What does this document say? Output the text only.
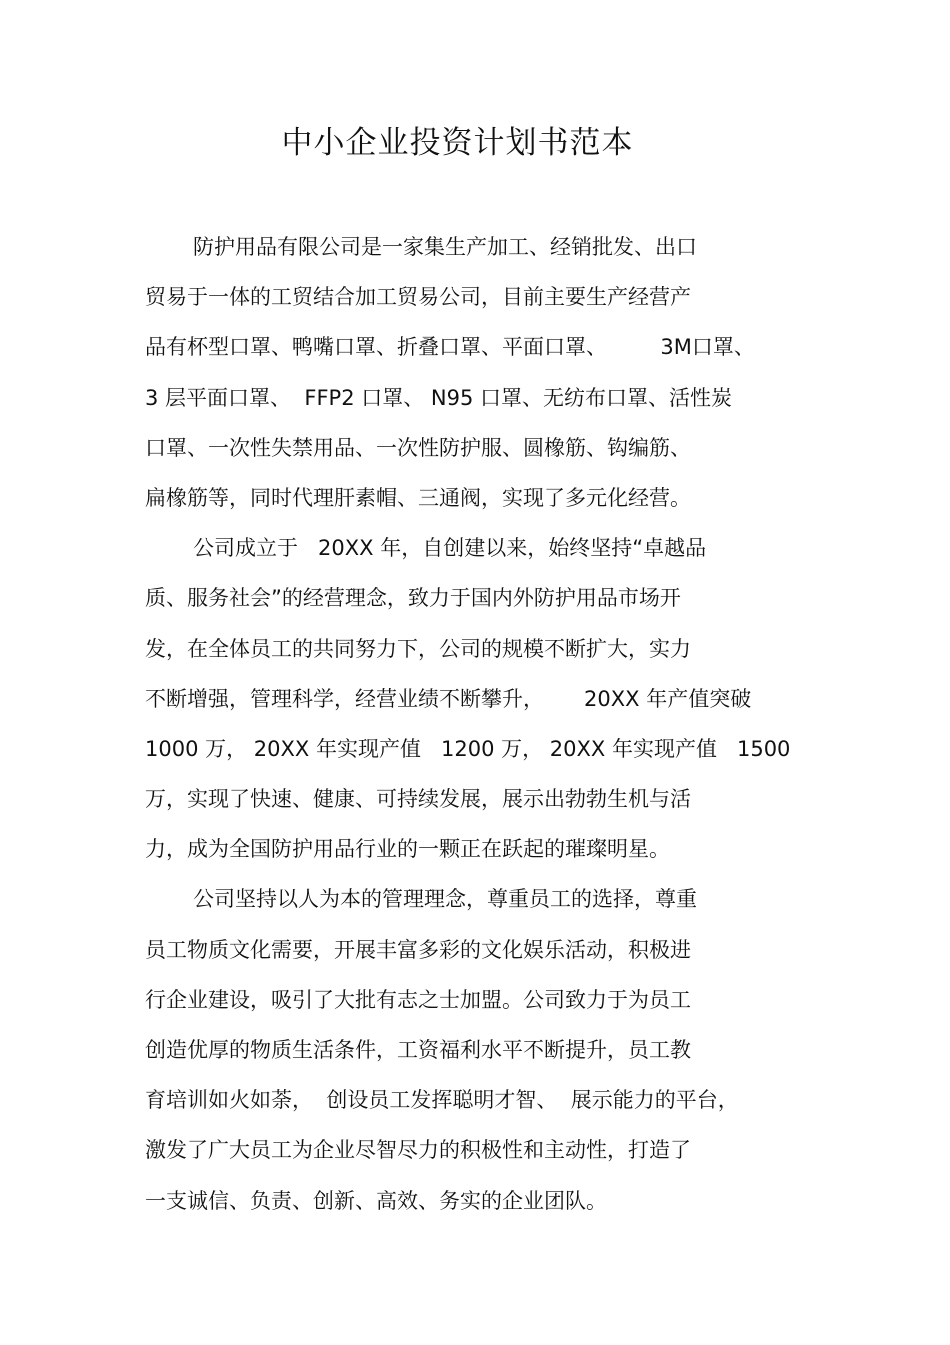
中小企业投资计划书范本

防护用品有限公司是一家集生产加工、经销批发、出口

贸易于一体的工贸结合加工贸易公司，目前主要生产经营产

品有杯型口罩、鸭嘴口罩、折叠口罩、平面口罩、        3M口罩、

3 层平面口罩、  FFP2 口罩、 N95 口罩、无纺布口罩、活性炭

口罩、一次性失禁用品、一次性防护服、圆橡筋、钩编筋、

扁橡筋等，同时代理肝素帽、三通阀，实现了多元化经营。

公司成立于   20XX 年，自创建以来，始终坚持“卓越品

质、服务社会”的经营理念，致力于国内外防护用品市场开

发，在全体员工的共同努力下，公司的规模不断扩大，实力

不断增强，管理科学，经营业绩不断攀升，      20XX 年产值突破

1000 万， 20XX 年实现产值   1200 万， 20XX 年实现产值   1500

万，实现了快速、健康、可持续发展，展示出勃勃生机与活

力，成为全国防护用品行业的一颗正在跃起的璀璨明星。

公司坚持以人为本的管理理念，尊重员工的选择，尊重

员工物质文化需要，开展丰富多彩的文化娱乐活动，积极进

行企业建设，吸引了大批有志之士加盟。公司致力于为员工

创造优厚的物质生活条件，工资福利水平不断提升，员工教

育培训如火如荼，  创设员工发挥聪明才智、  展示能力的平台，

激发了广大员工为企业尽智尽力的积极性和主动性，打造了

一支诚信、负责、创新、高效、务实的企业团队。
